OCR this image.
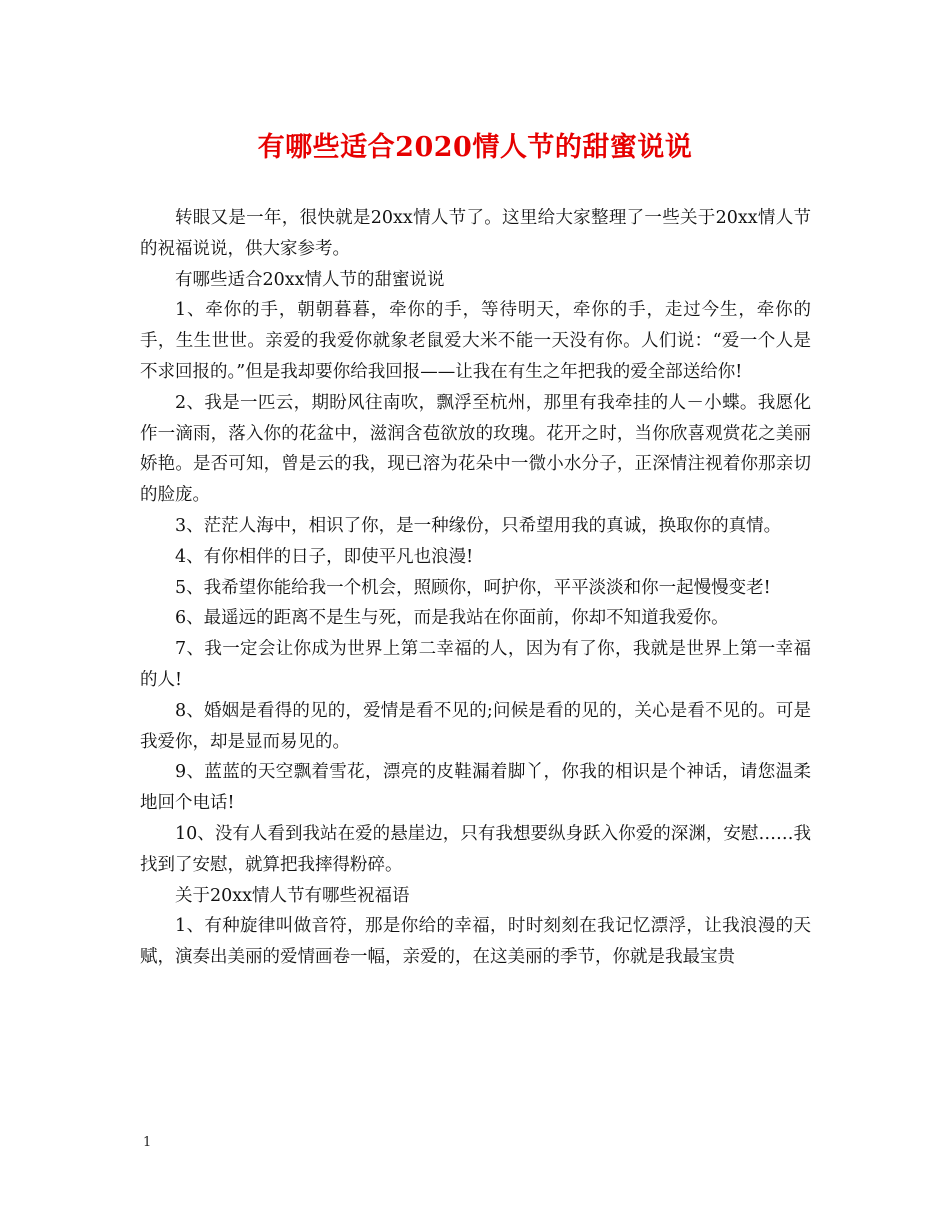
有哪些适合2020情人节的甜蜜说说

转眼又是一年，很快就是20xx情人节了。这里给大家整理了一些关于20xx情人节的祝福说说，供大家参考。

有哪些适合20xx情人节的甜蜜说说

1、牵你的手，朝朝暮暮，牵你的手，等待明天，牵你的手，走过今生，牵你的手，生生世世。亲爱的我爱你就象老鼠爱大米不能一天没有你。人们说：“爱一个人是不求回报的。”但是我却要你给我回报——让我在有生之年把我的爱全部送给你!

2、我是一匹云，期盼风往南吹，飘浮至杭州，那里有我牵挂的人－小蝶。我愿化作一滴雨，落入你的花盆中，滋润含苞欲放的玫瑰。花开之时，当你欣喜观赏花之美丽娇艳。是否可知，曾是云的我，现已溶为花朵中一微小水分子，正深情注视着你那亲切的脸庞。

3、茫茫人海中，相识了你，是一种缘份，只希望用我的真诚，换取你的真情。

4、有你相伴的日子，即使平凡也浪漫!

5、我希望你能给我一个机会，照顾你，呵护你，平平淡淡和你一起慢慢变老!

6、最遥远的距离不是生与死，而是我站在你面前，你却不知道我爱你。

7、我一定会让你成为世界上第二幸福的人，因为有了你，我就是世界上第一幸福的人!

8、婚姻是看得的见的，爱情是看不见的;问候是看的见的，关心是看不见的。可是我爱你，却是显而易见的。

9、蓝蓝的天空飘着雪花，漂亮的皮鞋漏着脚丫，你我的相识是个神话，请您温柔地回个电话!

10、没有人看到我站在爱的悬崖边，只有我想要纵身跃入你爱的深渊，安慰……我找到了安慰，就算把我摔得粉碎。

关于20xx情人节有哪些祝福语

1、有种旋律叫做音符，那是你给的幸福，时时刻刻在我记忆漂浮，让我浪漫的天赋，演奏出美丽的爱情画卷一幅，亲爱的，在这美丽的季节，你就是我最宝贵

1
